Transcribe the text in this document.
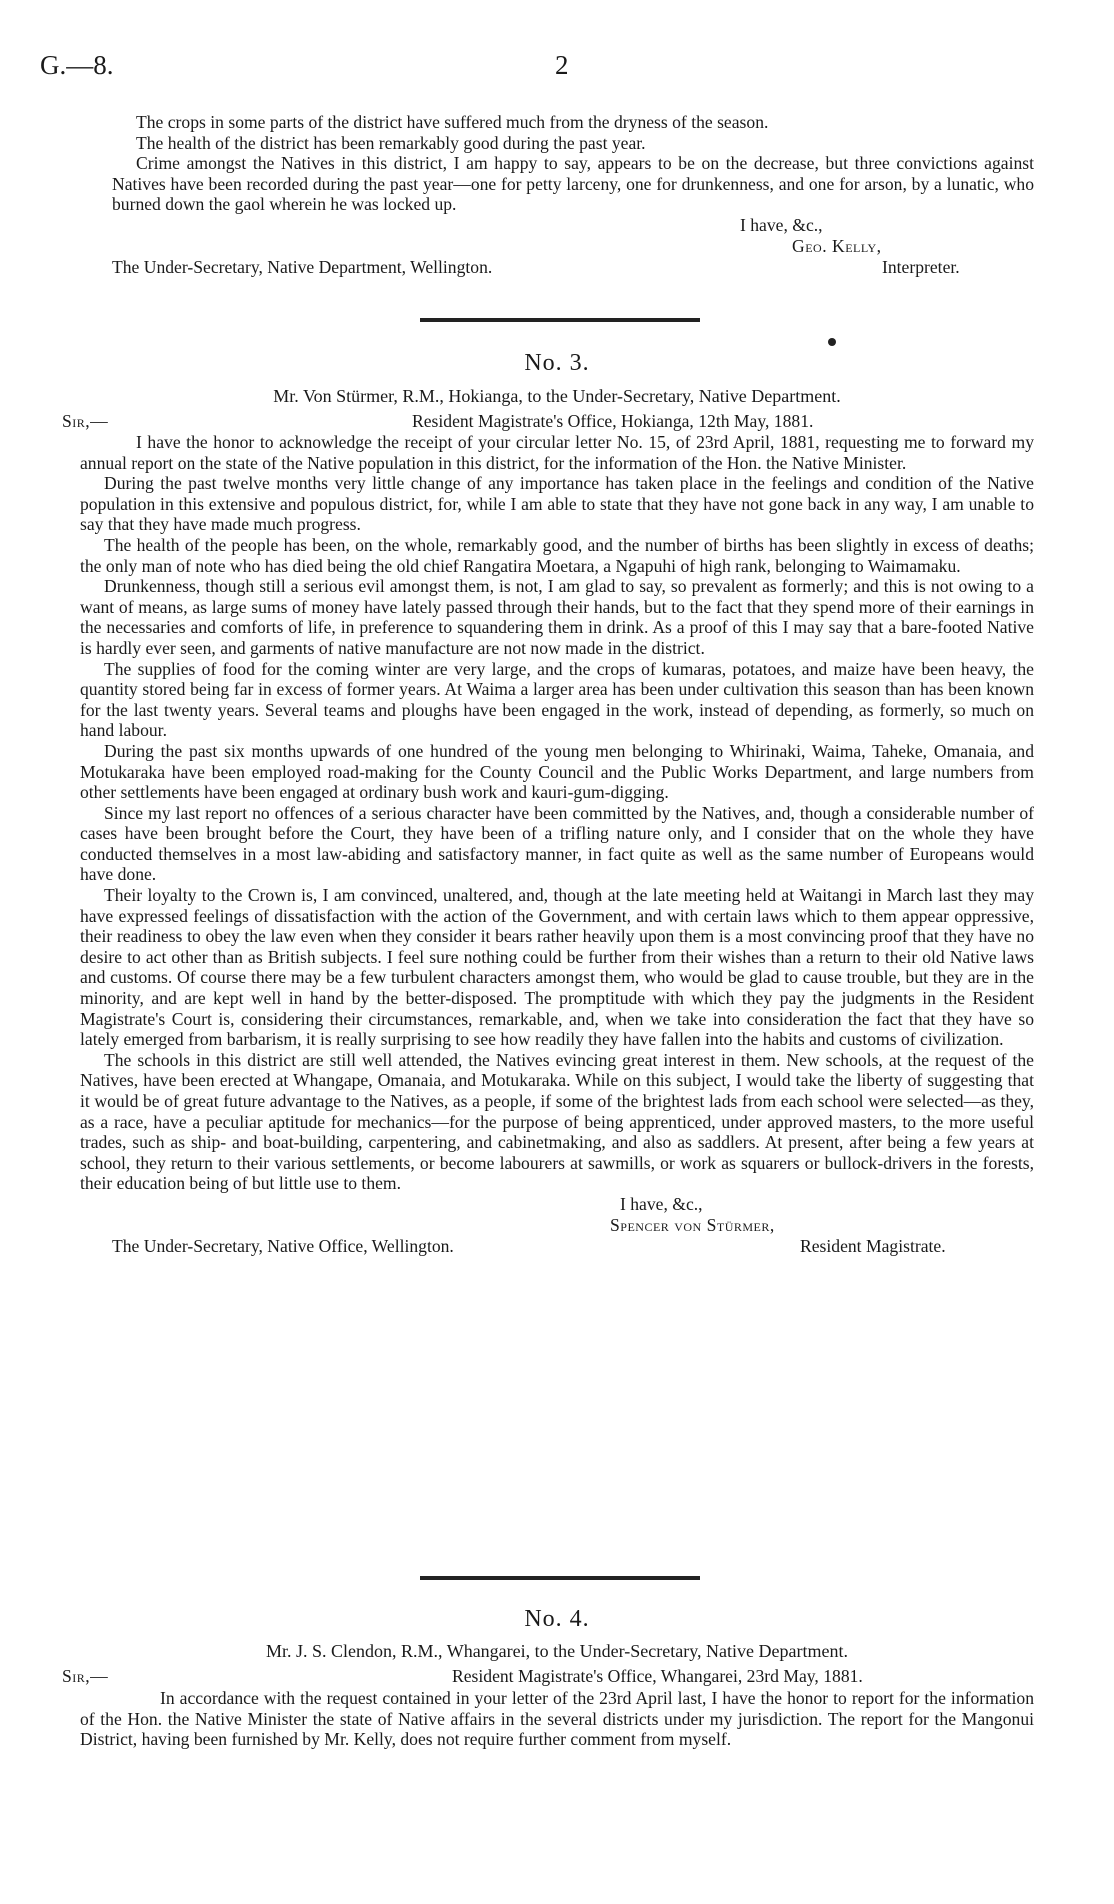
G.—8.	2

The crops in some parts of the district have suffered much from the dryness of the season.

The health of the district has been remarkably good during the past year.

Crime amongst the Natives in this district, I am happy to say, appears to be on the decrease, but three convictions against Natives have been recorded during the past year—one for petty larceny, one for drunkenness, and one for arson, by a lunatic, who burned down the gaol wherein he was locked up.

I have, &c.,
Geo. Kelly,
The Under-Secretary, Native Department, Wellington.	Interpreter.
No. 3.
Mr. Von Stürmer, R.M., Hokianga, to the Under-Secretary, Native Department.
Sir,—	Resident Magistrate's Office, Hokianga, 12th May, 1881.

I have the honor to acknowledge the receipt of your circular letter No. 15, of 23rd April, 1881, requesting me to forward my annual report on the state of the Native population in this district, for the information of the Hon. the Native Minister.

During the past twelve months very little change of any importance has taken place in the feelings and condition of the Native population in this extensive and populous district, for, while I am able to state that they have not gone back in any way, I am unable to say that they have made much progress.

The health of the people has been, on the whole, remarkably good, and the number of births has been slightly in excess of deaths; the only man of note who has died being the old chief Rangatira Moetara, a Ngapuhi of high rank, belonging to Waimamaku.

Drunkenness, though still a serious evil amongst them, is not, I am glad to say, so prevalent as formerly; and this is not owing to a want of means, as large sums of money have lately passed through their hands, but to the fact that they spend more of their earnings in the necessaries and comforts of life, in preference to squandering them in drink. As a proof of this I may say that a bare-footed Native is hardly ever seen, and garments of native manufacture are not now made in the district.

The supplies of food for the coming winter are very large, and the crops of kumaras, potatoes, and maize have been heavy, the quantity stored being far in excess of former years. At Waima a larger area has been under cultivation this season than has been known for the last twenty years. Several teams and ploughs have been engaged in the work, instead of depending, as formerly, so much on hand labour.

During the past six months upwards of one hundred of the young men belonging to Whirinaki, Waima, Taheke, Omanaia, and Motukaraka have been employed road-making for the County Council and the Public Works Department, and large numbers from other settlements have been engaged at ordinary bush work and kauri-gum-digging.

Since my last report no offences of a serious character have been committed by the Natives, and, though a considerable number of cases have been brought before the Court, they have been of a trifling nature only, and I consider that on the whole they have conducted themselves in a most law-abiding and satisfactory manner, in fact quite as well as the same number of Europeans would have done.

Their loyalty to the Crown is, I am convinced, unaltered, and, though at the late meeting held at Waitangi in March last they may have expressed feelings of dissatisfaction with the action of the Government, and with certain laws which to them appear oppressive, their readiness to obey the law even when they consider it bears rather heavily upon them is a most convincing proof that they have no desire to act other than as British subjects. I feel sure nothing could be further from their wishes than a return to their old Native laws and customs. Of course there may be a few turbulent characters amongst them, who would be glad to cause trouble, but they are in the minority, and are kept well in hand by the better-disposed. The promptitude with which they pay the judgments in the Resident Magistrate's Court is, considering their circumstances, remarkable, and, when we take into consideration the fact that they have so lately emerged from barbarism, it is really surprising to see how readily they have fallen into the habits and customs of civilization.

The schools in this district are still well attended, the Natives evincing great interest in them. New schools, at the request of the Natives, have been erected at Whangape, Omanaia, and Motukaraka. While on this subject, I would take the liberty of suggesting that it would be of great future advantage to the Natives, as a people, if some of the brightest lads from each school were selected—as they, as a race, have a peculiar aptitude for mechanics—for the purpose of being apprenticed, under approved masters, to the more useful trades, such as ship- and boat-building, carpentering, and cabinetmaking, and also as saddlers. At present, after being a few years at school, they return to their various settlements, or become labourers at sawmills, or work as squarers or bullock-drivers in the forests, their education being of but little use to them.

I have, &c.,
Spencer von Stürmer,
The Under-Secretary, Native Office, Wellington.	Resident Magistrate.
No. 4.
Mr. J. S. Clendon, R.M., Whangarei, to the Under-Secretary, Native Department.
Sir,—	Resident Magistrate's Office, Whangarei, 23rd May, 1881.

In accordance with the request contained in your letter of the 23rd April last, I have the honor to report for the information of the Hon. the Native Minister the state of Native affairs in the several districts under my jurisdiction. The report for the Mangonui District, having been furnished by Mr. Kelly, does not require further comment from myself.
